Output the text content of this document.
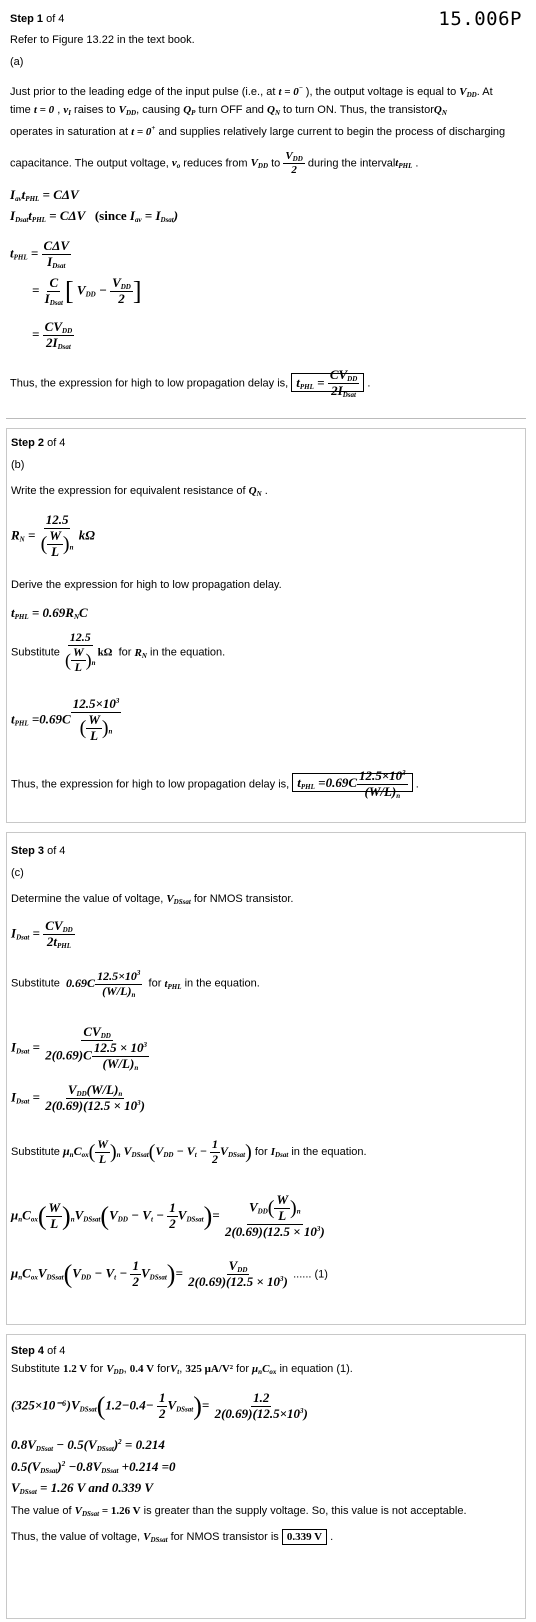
15.006P
Step 1 of 4
Refer to Figure 13.22 in the text book.
(a)
Just prior to the leading edge of the input pulse (i.e., at t = 0− ), the output voltage is equal to $V_{DD}$. At
time t = 0 , $v_I$ raises to $V_{DD}$, causing $Q_P$ turn OFF and $Q_N$ to turn ON. Thus, the transistorQ$_N$
operates in saturation at t = 0+ and supplies relatively large current to begin the process of discharging
capacitance. The output voltage, $v_o$ reduces from $V_{DD}$ to $\frac{V_{DD}}{2}$ during the intervalt$_{PHL}$ .
$I_{av}t_{PHL} = C\Delta V$
$I_{Dsat}t_{PHL} = C\Delta V$   (since $I_{av} = I_{Dsat}$)
$t_{PHL} = \frac{\text{CΔV}}{I_{Dsat}}$
= $\frac{C}{I_{Dsat}}$ [ $V_{DD} - \frac{V_{DD}}{2}$ ]
= $\frac{CV_{DD}}{2I_{Dsat}}$
Thus, the expression for high to low propagation delay is, $t_{PHL} = \frac{CV_{DD}}{2I_{Dsat}}$ .
Step 2 of 4
(b)
Write the expression for equivalent resistance of $Q_N$ .
$R_N = \frac{12.5}{( \frac{W}{L} )_n}$ kΩ
Derive the expression for high to low propagation delay.
$t_{PHL} = 0.69R_NC$
Substitute $\frac{12.5}{( \frac{W}{L} )_n}$ kΩ for $R_N$ in the equation.
$t_{PHL} =0.69C \frac{12.5\times 10^3}{( \frac{W}{L} )_n}$
Thus, the expression for high to low propagation delay is, $t_{PHL} =0.69C \frac{12.5\times 10^3}{(W/L)_n}$ .
Step 3 of 4
(c)
Determine the value of voltage, $V_{DSsat}$ for NMOS transistor.
$I_{Dsat} = \frac{CV_{DD}}{2t_{PHL}}$
Substitute $0.69C \frac{12.5\times 10^3}{(W/L)_n}$ for $t_{PHL}$ in the equation.
$I_{Dsat} = \frac{CV_{DD}}{2(0.69)C \frac{12.5 \times 10^3}{(W/L)_n}}$
$I_{Dsat} = \frac{V_{DD}(W/L)_n}{2(0.69)(12.5 \times 10^3)}$
Substitute $\mu_nC_{ox}( \frac{W}{L} )_n$ $V_{DSsat}(V_{DD} - V_t - \frac{1}{2} V_{DSsat})$ for $I_{Dsat}$ in the equation.
$\mu_nC_{ox}( \frac{W}{L} )_nV_{DSsat}(V_{DD} - V_t - \frac{1}{2} V_{DSsat})= \frac{V_{DD}( \frac{W}{L} )_n}{2(0.69)(12.5 \times 10^3)}$
$\mu_nC_{ox}V_{DSsat}(V_{DD} - V_t - \frac{1}{2} V_{DSsat})= \frac{V_{DD}}{2(0.69)(12.5 \times 10^3)}$ ...... (1)
Step 4 of 4
Substitute 1.2 V for $V_{DD}$, 0.4 V forV$_t$, 325 μA/V² for $\mu_nC_{ox}$ in equation (1).
$(325\times 10^{-6})V_{DSsat}(1.2-0.4- \frac{1}{2} V_{DSsat})= \frac{1.2}{2(0.69)(12.5\times 10^3)}$
$0.8V_{DSsat} - 0.5(V_{DSsat})^2 = 0.214$
$0.5(V_{DSsat})^2 -0.8V_{DSsat} +0.214 =0$
$V_{DSsat} = 1.26$ V and 0.339 V
The value of $V_{DSsat} = 1.26$ V is greater than the supply voltage. So, this value is not acceptable.
Thus, the value of voltage, $V_{DSsat}$ for NMOS transistor is 0.339 V .
